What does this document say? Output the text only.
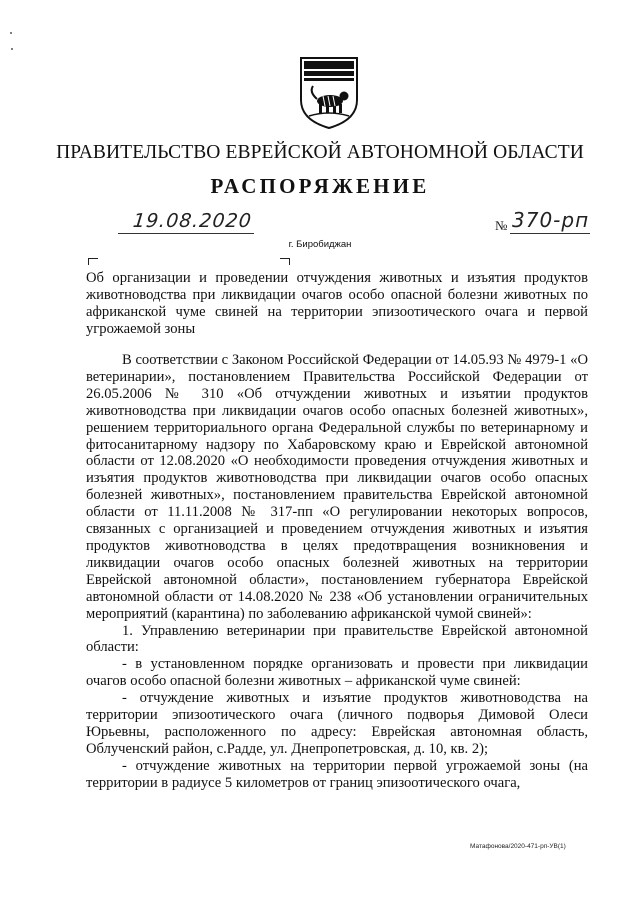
ПРАВИТЕЛЬСТВО ЕВРЕЙСКОЙ АВТОНОМНОЙ ОБЛАСТИ
РАСПОРЯЖЕНИЕ
19.08.2020	№ 370-рп
г. Биробиджан
Об организации и проведении отчуждения животных и изъятия продуктов животноводства при ликвидации очагов особо опасной болезни животных по африканской чуме свиней на территории эпизоотического очага и первой угрожаемой зоны

В соответствии с Законом Российской Федерации от 14.05.93 № 4979-1 «О ветеринарии», постановлением Правительства Российской Федерации от 26.05.2006 № 310 «Об отчуждении животных и изъятии продуктов животноводства при ликвидации очагов особо опасных болезней животных», решением территориального органа Федеральной службы по ветеринарному и фитосанитарному надзору по Хабаровскому краю и Еврейской автономной области от 12.08.2020 «О необходимости проведения отчуждения животных и изъятия продуктов животноводства при ликвидации очагов особо опасных болезней животных», постановлением правительства Еврейской автономной области от 11.11.2008 № 317-пп «О регулировании некоторых вопросов, связанных с организацией и проведением отчуждения животных и изъятия продуктов животноводства в целях предотвращения возникновения и ликвидации очагов особо опасных болезней животных на территории Еврейской автономной области», постановлением губернатора Еврейской автономной области от 14.08.2020 № 238 «Об установлении ограничительных мероприятий (карантина) по заболеванию африканской чумой свиней»:

1. Управлению ветеринарии при правительстве Еврейской автономной области:

- в установленном порядке организовать и провести при ликвидации очагов особо опасной болезни животных – африканской чуме свиней:

- отчуждение животных и изъятие продуктов животноводства на территории эпизоотического очага (личного подворья Димовой Олеси Юрьевны, расположенного по адресу: Еврейская автономная область, Облученский район, с.Радде, ул. Днепропетровская, д. 10, кв. 2);

- отчуждение животных на территории первой угрожаемой зоны (на территории в радиусе 5 километров от границ эпизоотического очага,

Матафонова/2020-471-рп-УВ(1)
